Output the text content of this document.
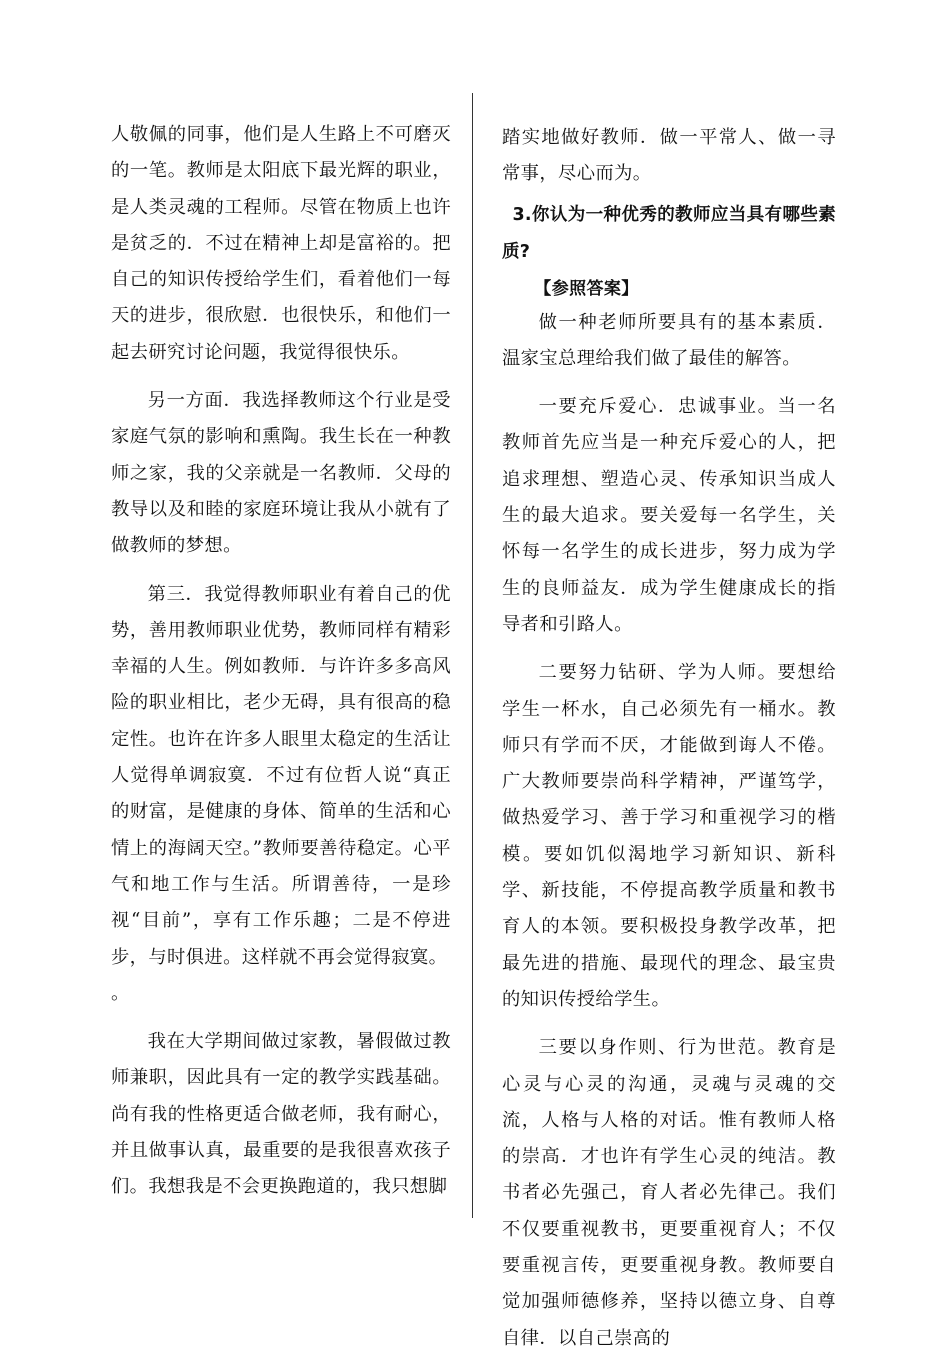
人敬佩的同事，他们是人生路上不可磨灭的一笔。教师是太阳底下最光辉的职业，是人类灵魂的工程师。尽管在物质上也许是贫乏的．不过在精神上却是富裕的。把自己的知识传授给学生们，看着他们一每天的进步，很欣慰．也很快乐，和他们一起去研究讨论问题，我觉得很快乐。

另一方面．我选择教师这个行业是受家庭气氛的影响和熏陶。我生长在一种教师之家，我的父亲就是一名教师．父母的教导以及和睦的家庭环境让我从小就有了做教师的梦想。

第三．我觉得教师职业有着自己的优势，善用教师职业优势，教师同样有精彩幸福的人生。例如教师．与许许多多高风险的职业相比，老少无碍，具有很高的稳定性。也许在许多人眼里太稳定的生活让人觉得单调寂寞．不过有位哲人说“真正的财富，是健康的身体、简单的生活和心情上的海阔天空。”教师要善待稳定。心平气和地工作与生活。所谓善待，一是珍视“目前”，享有工作乐趣；二是不停进步，与时俱进。这样就不再会觉得寂寞。

。

我在大学期间做过家教，暑假做过教师兼职，因此具有一定的教学实践基础。尚有我的性格更适合做老师，我有耐心，并且做事认真，最重要的是我很喜欢孩子们。我想我是不会更换跑道的，我只想脚

踏实地做好教师．做一平常人、做一寻常事，尽心而为。

3.你认为一种优秀的教师应当具有哪些素质?

【参照答案】

做一种老师所要具有的基本素质．温家宝总理给我们做了最佳的解答。

一要充斥爱心．忠诚事业。当一名教师首先应当是一种充斥爱心的人，把追求理想、塑造心灵、传承知识当成人生的最大追求。要关爱每一名学生，关怀每一名学生的成长进步，努力成为学生的良师益友．成为学生健康成长的指导者和引路人。

二要努力钻研、学为人师。要想给学生一杯水，自己必须先有一桶水。教师只有学而不厌，才能做到诲人不倦。广大教师要崇尚科学精神，严谨笃学，做热爱学习、善于学习和重视学习的楷模。要如饥似渴地学习新知识、新科学、新技能，不停提高教学质量和教书育人的本领。要积极投身教学改革，把最先进的措施、最现代的理念、最宝贵的知识传授给学生。

三要以身作则、行为世范。教育是心灵与心灵的沟通，灵魂与灵魂的交流，人格与人格的对话。惟有教师人格的崇高．才也许有学生心灵的纯洁。教书者必先强己，育人者必先律己。我们不仅要重视教书，更要重视育人；不仅要重视言传，更要重视身教。教师要自觉加强师德修养，坚持以德立身、自尊自律．以自己崇高的
